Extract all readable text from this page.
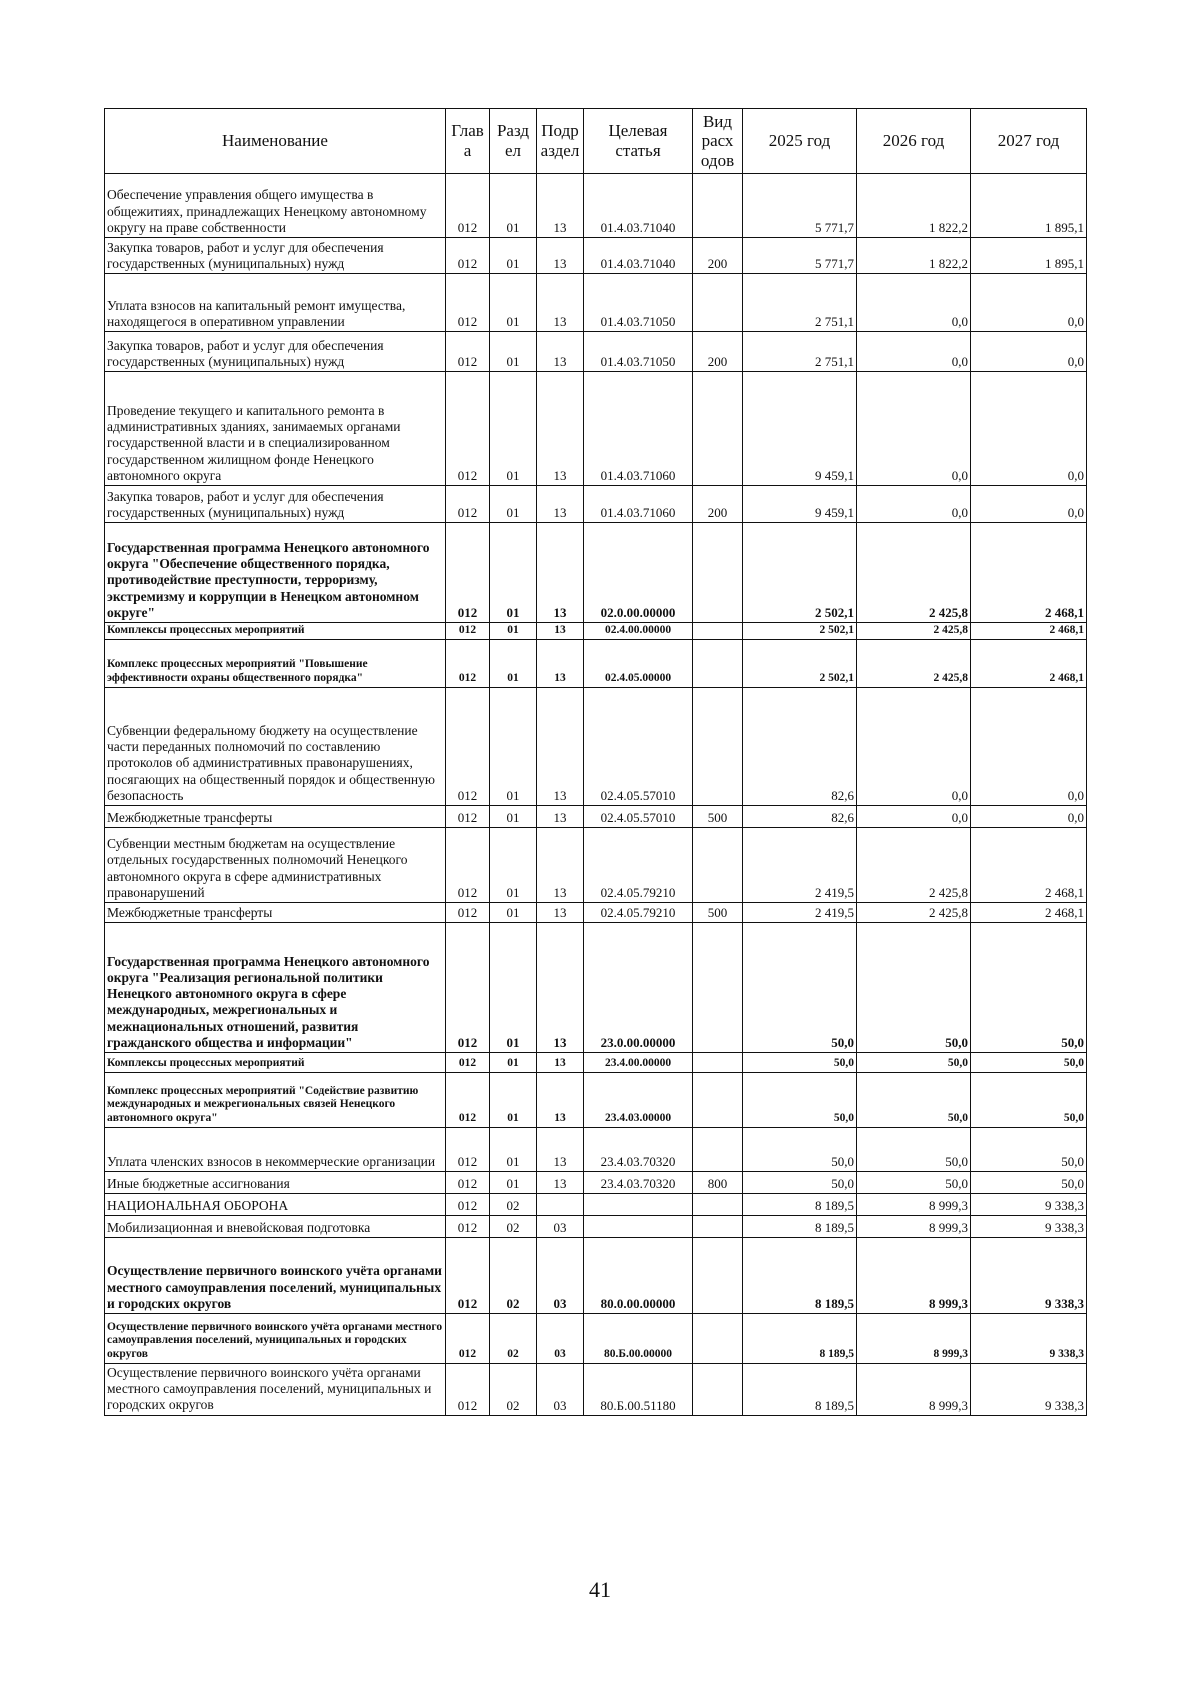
Наименование	Глав а	Разд ел	Подр аздел	Целевая статья	Вид расх одов	2025 год	2026 год	2027 год
Обеспечение управления общего имущества в общежитиях, принадлежащих Ненецкому автономному округу на праве собственности	012	01	13	01.4.03.71040		5 771,7	1 822,2	1 895,1
Закупка товаров, работ и услуг для обеспечения государственных (муниципальных) нужд	012	01	13	01.4.03.71040	200	5 771,7	1 822,2	1 895,1
Уплата взносов на капитальный ремонт имущества, находящегося в оперативном управлении	012	01	13	01.4.03.71050		2 751,1	0,0	0,0
Закупка товаров, работ и услуг для обеспечения государственных (муниципальных) нужд	012	01	13	01.4.03.71050	200	2 751,1	0,0	0,0
Проведение текущего и капитального ремонта в административных зданиях, занимаемых органами государственной власти и в специализированном государственном жилищном фонде Ненецкого автономного округа	012	01	13	01.4.03.71060		9 459,1	0,0	0,0
Закупка товаров, работ и услуг для обеспечения государственных (муниципальных) нужд	012	01	13	01.4.03.71060	200	9 459,1	0,0	0,0
Государственная программа Ненецкого автономного округа "Обеспечение общественного порядка, противодействие преступности, терроризму, экстремизму и коррупции в Ненецком автономном округе"	012	01	13	02.0.00.00000		2 502,1	2 425,8	2 468,1
Комплексы процессных мероприятий	012	01	13	02.4.00.00000		2 502,1	2 425,8	2 468,1
Комплекс процессных мероприятий "Повышение эффективности охраны общественного порядка"	012	01	13	02.4.05.00000		2 502,1	2 425,8	2 468,1
Субвенции федеральному бюджету на осуществление части переданных полномочий по составлению протоколов об административных правонарушениях, посягающих на общественный порядок и общественную безопасность	012	01	13	02.4.05.57010		82,6	0,0	0,0
Межбюджетные трансферты	012	01	13	02.4.05.57010	500	82,6	0,0	0,0
Субвенции местным бюджетам на осуществление отдельных государственных полномочий Ненецкого автономного округа в сфере административных правонарушений	012	01	13	02.4.05.79210		2 419,5	2 425,8	2 468,1
Межбюджетные трансферты	012	01	13	02.4.05.79210	500	2 419,5	2 425,8	2 468,1
Государственная программа Ненецкого автономного округа "Реализация региональной политики Ненецкого автономного округа в сфере международных, межрегиональных и межнациональных отношений, развития гражданского общества и информации"	012	01	13	23.0.00.00000		50,0	50,0	50,0
Комплексы процессных мероприятий	012	01	13	23.4.00.00000		50,0	50,0	50,0
Комплекс процессных мероприятий "Содействие развитию международных и межрегиональных связей Ненецкого автономного округа"	012	01	13	23.4.03.00000		50,0	50,0	50,0
Уплата членских взносов в некоммерческие организации	012	01	13	23.4.03.70320		50,0	50,0	50,0
Иные бюджетные ассигнования	012	01	13	23.4.03.70320	800	50,0	50,0	50,0
НАЦИОНАЛЬНАЯ ОБОРОНА	012	02				8 189,5	8 999,3	9 338,3
Мобилизационная и вневойсковая подготовка	012	02	03			8 189,5	8 999,3	9 338,3
Осуществление первичного воинского учёта органами местного самоуправления поселений, муниципальных и городских округов	012	02	03	80.0.00.00000		8 189,5	8 999,3	9 338,3
Осуществление первичного воинского учёта органами местного самоуправления поселений, муниципальных и городских округов	012	02	03	80.Б.00.00000		8 189,5	8 999,3	9 338,3
Осуществление первичного воинского учёта органами местного самоуправления поселений, муниципальных и городских округов	012	02	03	80.Б.00.51180		8 189,5	8 999,3	9 338,3
41
